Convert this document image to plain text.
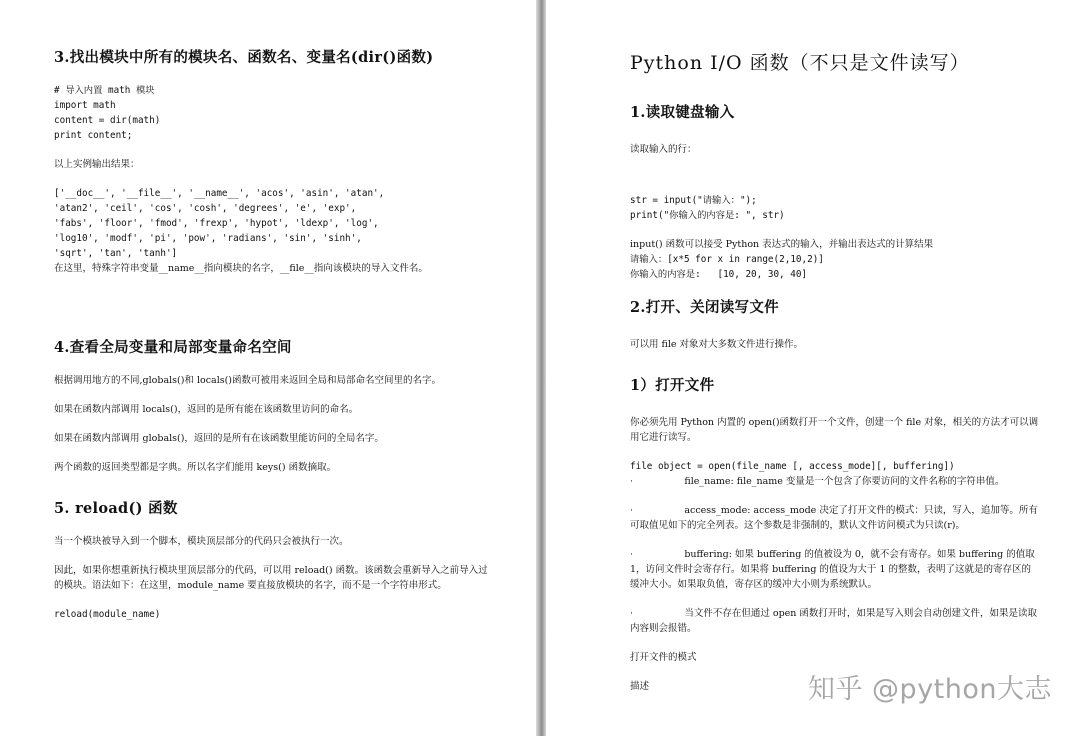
3.找出模块中所有的模块名、函数名、变量名(dir()函数)
# 导入内置 math 模块
import math
content = dir(math)
print content;
以上实例输出结果：
['__doc__', '__file__', '__name__', 'acos', 'asin', 'atan',
'atan2', 'ceil', 'cos', 'cosh', 'degrees', 'e', 'exp',
'fabs', 'floor', 'fmod', 'frexp', 'hypot', 'ldexp', 'log',
'log10', 'modf', 'pi', 'pow', 'radians', 'sin', 'sinh',
'sqrt', 'tan', 'tanh']
在这里，特殊字符串变量__name__指向模块的名字，__file__指向该模块的导入文件名。
4.查看全局变量和局部变量命名空间
根据调用地方的不同,globals()和 locals()函数可被用来返回全局和局部命名空间里的名字。
如果在函数内部调用 locals()，返回的是所有能在该函数里访问的命名。
如果在函数内部调用 globals()，返回的是所有在该函数里能访问的全局名字。
两个函数的返回类型都是字典。所以名字们能用 keys() 函数摘取。
5. reload() 函数
当一个模块被导入到一个脚本，模块顶层部分的代码只会被执行一次。
因此，如果你想重新执行模块里顶层部分的代码，可以用 reload() 函数。该函数会重新导入之前导入过的模块。语法如下：在这里，module_name 要直接放模块的名字，而不是一个字符串形式。
reload(module_name)
Python I/O 函数（不只是文件读写）
1.读取键盘输入
读取输入的行：
str = input("请输入：");
print("你输入的内容是: ", str)
input() 函数可以接受 Python 表达式的输入，并输出表达式的计算结果
请输入：[x*5 for x in range(2,10,2)]
你输入的内容是:   [10, 20, 30, 40]
2.打开、关闭读写文件
可以用 file 对象对大多数文件进行操作。
1）打开文件
你必须先用 Python 内置的 open()函数打开一个文件，创建一个 file 对象，相关的方法才可以调用它进行读写。
file object = open(file_name [, access_mode][, buffering])
·                 file_name: file_name 变量是一个包含了你要访问的文件名称的字符串值。
·                 access_mode: access_mode 决定了打开文件的模式：只读，写入，追加等。所有可取值见如下的完全列表。这个参数是非强制的，默认文件访问模式为只读(r)。
·                 buffering: 如果 buffering 的值被设为 0，就不会有寄存。如果 buffering 的值取 1，访问文件时会寄存行。如果将 buffering 的值设为大于 1 的整数，表明了这就是的寄存区的缓冲大小。如果取负值，寄存区的缓冲大小则为系统默认。
·                 当文件不存在但通过 open 函数打开时，如果是写入则会自动创建文件，如果是读取内容则会报错。
打开文件的模式
描述	知乎 @python大志
